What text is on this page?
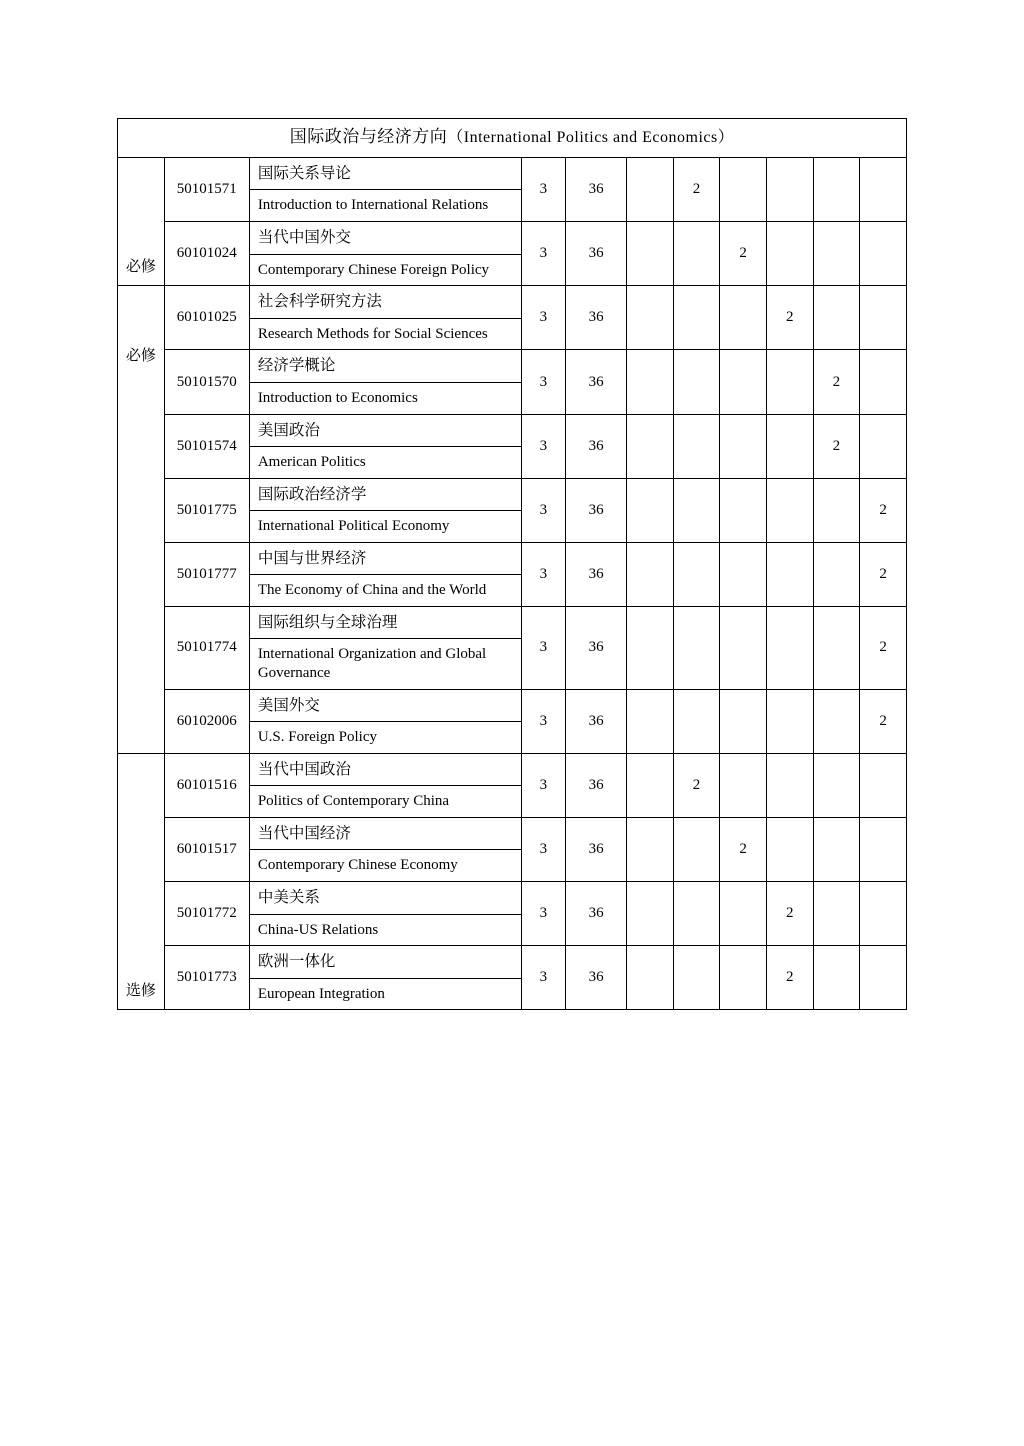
国际政治与经济方向（International Politics and Economics）										
必修	50101571	国际关系导论
Introduction to International Relations	3	36		2				
	60101024	当代中国外交
Contemporary Chinese Foreign Policy	3	36			2			
必修	60101025	社会科学研究方法
Research Methods for Social Sciences	3	36				2		
	50101570	经济学概论
Introduction to Economics	3	36					2	
	50101574	美国政治
American Politics	3	36					2	
	50101775	国际政治经济学
International Political Economy	3	36						2
	50101777	中国与世界经济
The Economy of China and the World	3	36						2
	50101774	国际组织与全球治理
International Organization and Global Governance	3	36						2
	60102006	美国外交
U.S. Foreign Policy	3	36						2
选修	60101516	当代中国政治
Politics of Contemporary China	3	36		2				
	60101517	当代中国经济
Contemporary Chinese Economy	3	36			2			
	50101772	中美关系
China-US Relations	3	36				2		
	50101773	欧洲一体化
European Integration	3	36				2		
